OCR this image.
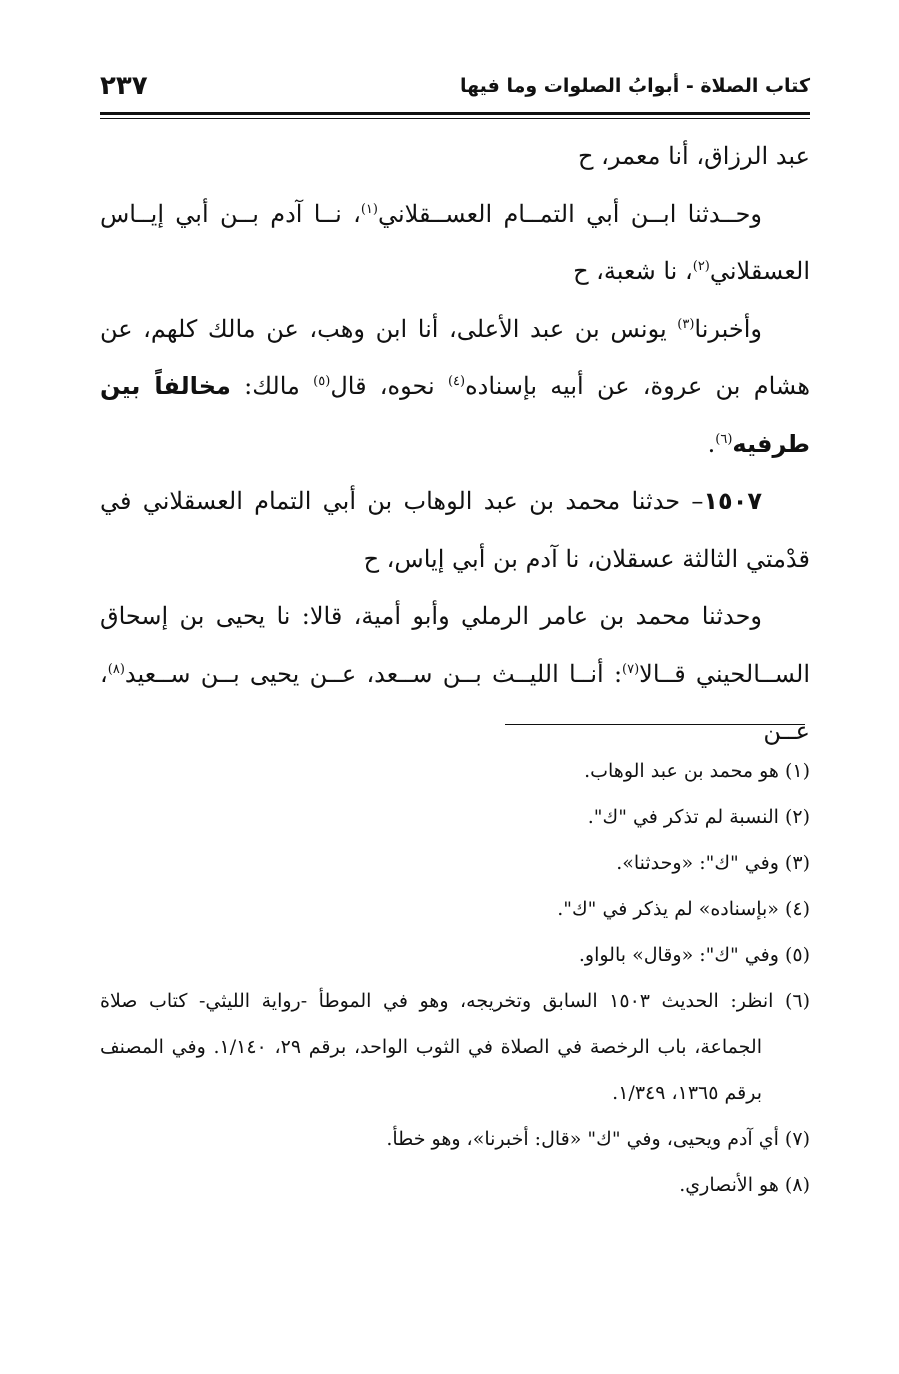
كتاب الصلاة - أبوابُ الصلوات وما فيها
٢٣٧

عبد الرزاق، أنا معمر، ح

وحــدثنا ابــن أبي التمــام العســقلاني$^{(١)}$، نــا آدم بــن أبي إيــاس العسقلاني$^{(٢)}$، نا شعبة، ح

وأخبرنا$^{(٣)}$ يونس بن عبد الأعلى، أنا ابن وهب، عن مالك كلهم، عن هشام بن عروة، عن أبيه بإسناده$^{(٤)}$ نحوه، قال$^{(٥)}$ مالك: مخالفاً بين طرفيه$^{(٦)}$.

١٥٠٧– حدثنا محمد بن عبد الوهاب بن أبي التمام العسقلاني في قدْمتي الثالثة عسقلان، نا آدم بن أبي إياس، ح

وحدثنا محمد بن عامر الرملي وأبو أمية، قالا: نا يحيى بن إسحاق الســالحيني قــالا$^{(٧)}$: أنــا الليــث بــن ســعد، عــن يحيى بــن ســعيد$^{(٨)}$، عــن

(١) هو محمد بن عبد الوهاب.

(٢) النسبة لم تذكر في "ك".

(٣) وفي "ك": «وحدثنا».

(٤) «بإسناده» لم يذكر في "ك".

(٥) وفي "ك": «وقال» بالواو.

(٦) انظر: الحديث ١٥٠٣ السابق وتخريجه، وهو في الموطأ -رواية الليثي- كتاب صلاة الجماعة، باب الرخصة في الصلاة في الثوب الواحد، برقم ٢٩، ١/١٤٠. وفي المصنف برقم ١٣٦٥، ١/٣٤٩.

(٧) أي آدم ويحيى، وفي "ك" «قال: أخبرنا»، وهو خطأ.

(٨) هو الأنصاري.
